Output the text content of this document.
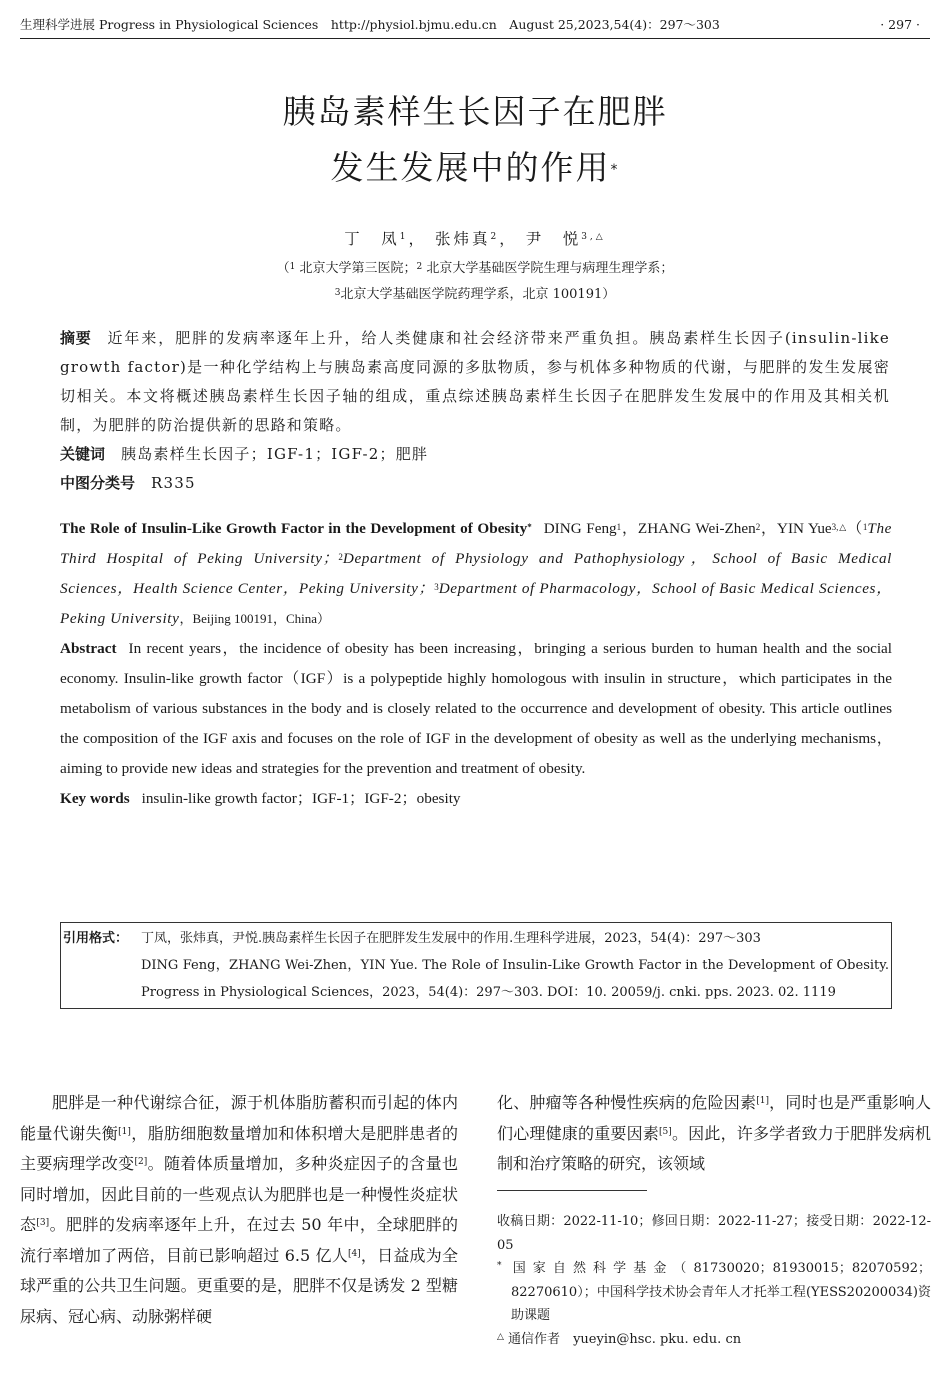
生理科学进展 Progress in Physiological Sciences　http://physiol.bjmu.edu.cn　August 25,2023,54(4)：297～303	· 297 ·
胰岛素样生长因子在肥胖
发生发展中的作用*
丁　凤$^1$， 张炜真$^2$， 尹　悦$^{3,\triangle}$
（$^1$ 北京大学第三医院；$^2$ 北京大学基础医学院生理与病理生理学系；
$^3$北京大学基础医学院药理学系，北京 100191）

摘要 近年来，肥胖的发病率逐年上升，给人类健康和社会经济带来严重负担。胰岛素样生长因子(insulin-like growth factor)是一种化学结构上与胰岛素高度同源的多肽物质，参与机体多种物质的代谢，与肥胖的发生发展密切相关。本文将概述胰岛素样生长因子轴的组成，重点综述胰岛素样生长因子在肥胖发生发展中的作用及其相关机制，为肥胖的防治提供新的思路和策略。

关键词 胰岛素样生长因子；IGF-1；IGF-2；肥胖

中图分类号 R335

The Role of Insulin-Like Growth Factor in the Development of Obesity* DING Feng$^1$，ZHANG Wei-Zhen$^2$，YIN Yue$^{3,\triangle}$（$^1$The Third Hospital of Peking University；$^2$Department of Physiology and Pathophysiology，School of Basic Medical Sciences，Health Science Center，Peking University；$^3$Department of Pharmacology，School of Basic Medical Sciences，Peking University，Beijing 100191，China）

Abstract In recent years，the incidence of obesity has been increasing，bringing a serious burden to human health and the social economy. Insulin-like growth factor（IGF）is a polypeptide highly homologous with insulin in structure，which participates in the metabolism of various substances in the body and is closely related to the occurrence and development of obesity. This article outlines the composition of the IGF axis and focuses on the role of IGF in the development of obesity as well as the underlying mechanisms，aiming to provide new ideas and strategies for the prevention and treatment of obesity.

Key words insulin-like growth factor；IGF-1；IGF-2；obesity

引用格式： 丁凤，张炜真，尹悦.胰岛素样生长因子在肥胖发生发展中的作用.生理科学进展，2023，54(4)：297～303
DING Feng，ZHANG Wei-Zhen，YIN Yue. The Role of Insulin-Like Growth Factor in the Development of Obesity. Progress in Physiological Sciences，2023，54(4)：297～303. DOI：10. 20059/j. cnki. pps. 2023. 02. 1119

肥胖是一种代谢综合征，源于机体脂肪蓄积而引起的体内能量代谢失衡[1]，脂肪细胞数量增加和体积增大是肥胖患者的主要病理学改变[2]。随着体质量增加，多种炎症因子的含量也同时增加，因此目前的一些观点认为肥胖也是一种慢性炎症状态[3]。肥胖的发病率逐年上升，在过去 50 年中，全球肥胖的流行率增加了两倍，目前已影响超过 6.5 亿人[4]，日益成为全球严重的公共卫生问题。更重要的是，肥胖不仅是诱发 2 型糖尿病、冠心病、动脉粥样硬

化、肿瘤等各种慢性疾病的危险因素[1]，同时也是严重影响人们心理健康的重要因素[5]。因此，许多学者致力于肥胖发病机制和治疗策略的研究，该领域

收稿日期：2022-11-10；修回日期：2022-11-27；接受日期：2022-12-05

* 国家自然科学基金（81730020；81930015；82070592；82270610）；中国科学技术协会青年人才托举工程(YESS20200034)资助课题

△ 通信作者　 yueyin@hsc. pku. edu. cn
